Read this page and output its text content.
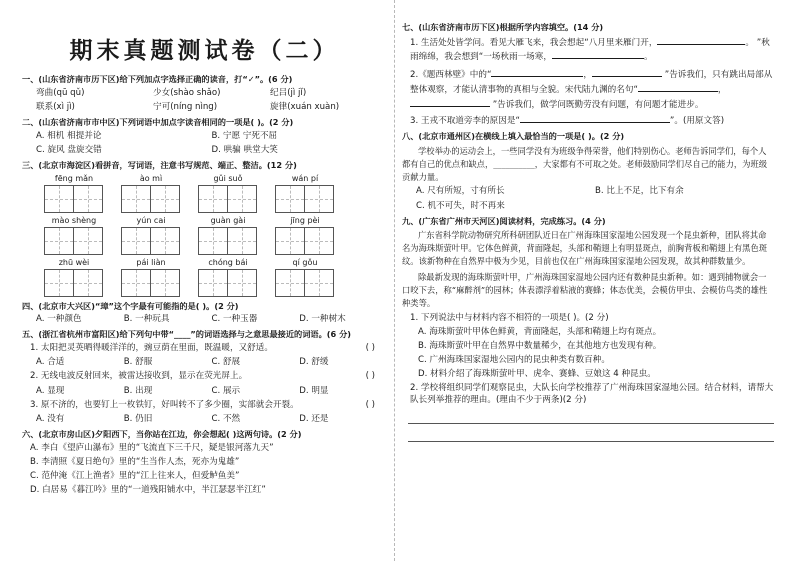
期末真题测试卷（二）
一、(山东省济南市历下区)给下列加点字选择正确的读音，打“✓”。(6 分)
弯曲(qū qǔ)	少女(shào shǎo)	纪吕(jì jǐ)
联系(xì jì)	宁可(níng nìng)	旋律(xuán xuàn)
二、(山东省济南市市中区)下列词语中加点字读音相同的一项是( )。(2 分)
A. 相机 相提并论	B. 宁愿 宁死不屈
C. 旋风 盘旋交错	D. 哄骗 哄堂大笑
三、(北京市海淀区)看拼音，写词语，注意书写规范、端正、整洁。(12 分)
fēng mǎn	ào mì	gǔi suǒ	wán pí
mào shèng	yún cai	guàn gài	jīng pèi
zhū wèi	pái liàn	chóng bái	qí gǒu
四、(北京市大兴区)“璋”这个字最有可能指的是( )。(2 分)
A. 一种颜色	B. 一种玩具	C. 一种玉器	D. 一种树木
五、(浙江省杭州市富阳区)给下列句中带“____”的词语选择与之意思最接近的词语。(6 分)
1. 太阳把灵英晒得暖洋洋的，豌豆荫在里面，既温暖，又舒适。	( )
A. 合适	B. 舒服	C. 舒展	D. 舒缓
2. 无线电波反射回来，被雷达接收到，显示在荧光屏上。	( )
A. 显现	B. 出现	C. 展示	D. 明显
3. 原不济的，也要钉上一枚铁钉，好叫转不了多少圈，实部就会开裂。	( )
A. 没有	B. 仍旧	C. 不然	D. 还是
六、(北京市房山区)夕阳西下，当你站在江边，你会想起( )这两句诗。(2 分)
A. 李白《望庐山瀑布》里的“飞流直下三千尺，疑是银河落九天”
B. 李清照《夏日绝句》里的“生当作人杰，死亦为鬼雄”
C. 范仲淹《江上渔者》里的“江上往来人，但爱鲈鱼美”
D. 白居易《暮江吟》里的“一道残阳铺水中，半江瑟瑟半江红”
七、(山东省济南市历下区)根据所学内容填空。(14 分)
1. 生活处处皆学问。看见大雁飞来，我会想起“八月里来雁门开，	。 ”秋雨绵绵，我会想到“一场秋雨一场寒，	。
2.《题西林壁》中的“	，	”告诉我们，只有跳出局部从整体观察，才能认清事物的真相与全貌。宋代陆九渊的名句“	， ”告诉我们，做学问既勤劳没有问题，有问题才能进步。
3. 王戎不取道旁李的原因是“	”。(用原文答)
八、(北京市通州区)在横线上填入最恰当的一项是( )。(2 分)
学校举办的运动会上，一些同学没有为班级争得荣誉，他们特别伤心。老师告诉同学们，每个人都有自己的优点和缺点，__________，大家都有不可取之处。老师鼓励同学们尽自己的能力，为班级贡献力量。
A. 尺有所短，寸有所长	B. 比上不足，比下有余
C. 机不可失，时不再来
九、(广东省广州市天河区)阅读材料，完成练习。(4 分)
广东省科学院动物研究所科研团队近日在广州海珠国家湿地公园发现一个昆虫新种，团队将其命名为海珠斯萤叶甲。它体色鲜黄，背面隆起，头部和鞘翅上有明显斑点，前胸背板和鞘翅上有黑色斑纹。该新物种在自然界中极为少见，目前也仅在广州海珠国家湿地公园发现，故其种群数量少。
除最新发现的海珠斯萤叶甲，广州海珠国家湿地公园内还有数种昆虫新种。如：遇到捕物就会一口咬下去，称“麻醉剂”的园林；体表漂浮着粘液的赛蜂；体态优美，会模仿甲虫、会模仿鸟类的雄性种类等。
1. 下列说法中与材料内容不相符的一项是( )。(2 分)
A. 海珠斯萤叶甲体色鲜黄，背面隆起，头部和鞘翅上均有斑点。
B. 海珠斯萤叶甲在自然界中数量稀少，在其他地方也发现有种。
C. 广州海珠国家湿地公园内的昆虫种类有数百种。
D. 材料介绍了海珠斯萤叶甲、虎伞、赛蜂、豆娘这 4 种昆虫。
2. 学校将组织同学们观察昆虫，大队长向学校推荐了广州海珠国家湿地公园。结合材料，请帮大队长列举推荐的理由。(理由不少于两条)(2 分)
